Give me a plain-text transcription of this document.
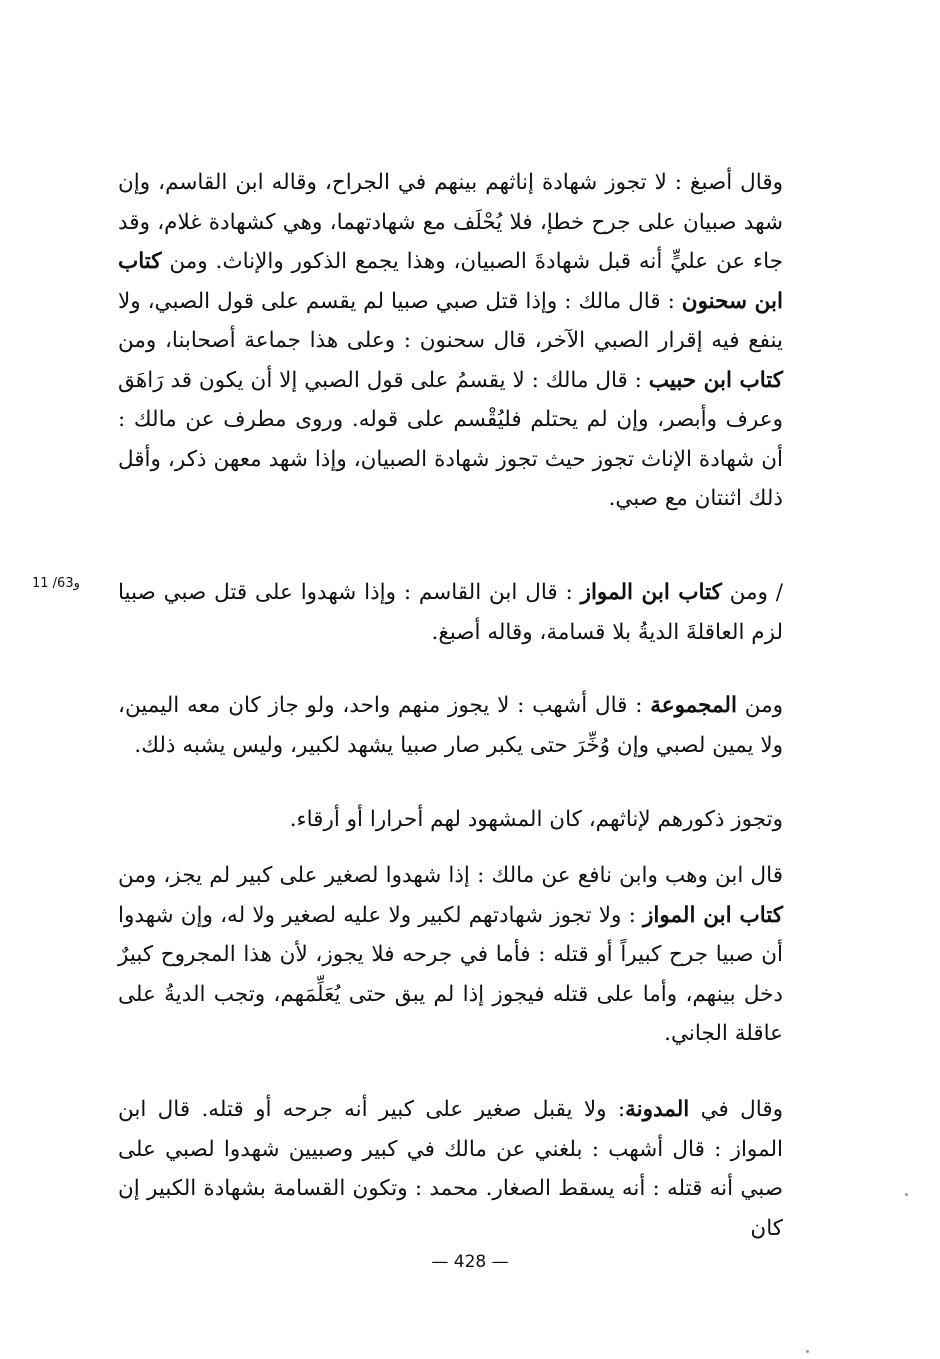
وقال أصبغ : لا تجوز شهادة إناثهم بينهم في الجراح، وقاله ابن القاسم، وإن شهد صبيان على جرح خطإ، فلا يُحْلَف مع شهادتهما، وهي كشهادة غلام، وقد جاء عن عليٍّ أنه قبل شهادةَ الصبيان، وهذا يجمع الذكور والإناث. ومن كتاب ابن سحنون : قال مالك : وإذا قتل صبي صبيا لم يقسم على قول الصبي، ولا ينفع فيه إقرار الصبي الآخر، قال سحنون : وعلى هذا جماعة أصحابنا، ومن كتاب ابن حبيب : قال مالك : لا يقسمُ على قول الصبي إلا أن يكون قد رَاهَق وعرف وأبصر، وإن لم يحتلم فليُقْسم على قوله. وروى مطرف عن مالك : أن شهادة الإناث تجوز حيث تجوز شهادة الصبيان، وإذا شهد معهن ذكر، وأقل ذلك اثنتان مع صبي.

11 /63و	/ ومن كتاب ابن المواز : قال ابن القاسم : وإذا شهدوا على قتل صبي صبيا لزم العاقلةَ الديةُ بلا قسامة، وقاله أصبغ.

ومن المجموعة : قال أشهب : لا يجوز منهم واحد، ولو جاز كان معه اليمين، ولا يمين لصبي وإن وُخِّرَ حتى يكبر صار صبيا يشهد لكبير، وليس يشبه ذلك.

وتجوز ذكورهم لإناثهم، كان المشهود لهم أحرارا أو أرقاء.

قال ابن وهب وابن نافع عن مالك : إذا شهدوا لصغير على كبير لم يجز، ومن كتاب ابن المواز : ولا تجوز شهادتهم لكبير ولا عليه لصغير ولا له، وإن شهدوا أن صبيا جرح كبيراً أو قتله : فأما في جرحه فلا يجوز، لأن هذا المجروح كبيرٌ دخل بينهم، وأما على قتله فيجوز إذا لم يبق حتى يُعَلِّمَهم، وتجب الديةُ على عاقلة الجاني.

وقال في المدونة: ولا يقبل صغير على كبير أنه جرحه أو قتله. قال ابن المواز : قال أشهب : بلغني عن مالك في كبير وصبيين شهدوا لصبي على صبي أنه قتله : أنه يسقط الصغار. محمد : وتكون القسامة بشهادة الكبير إن كان

— 428 —
